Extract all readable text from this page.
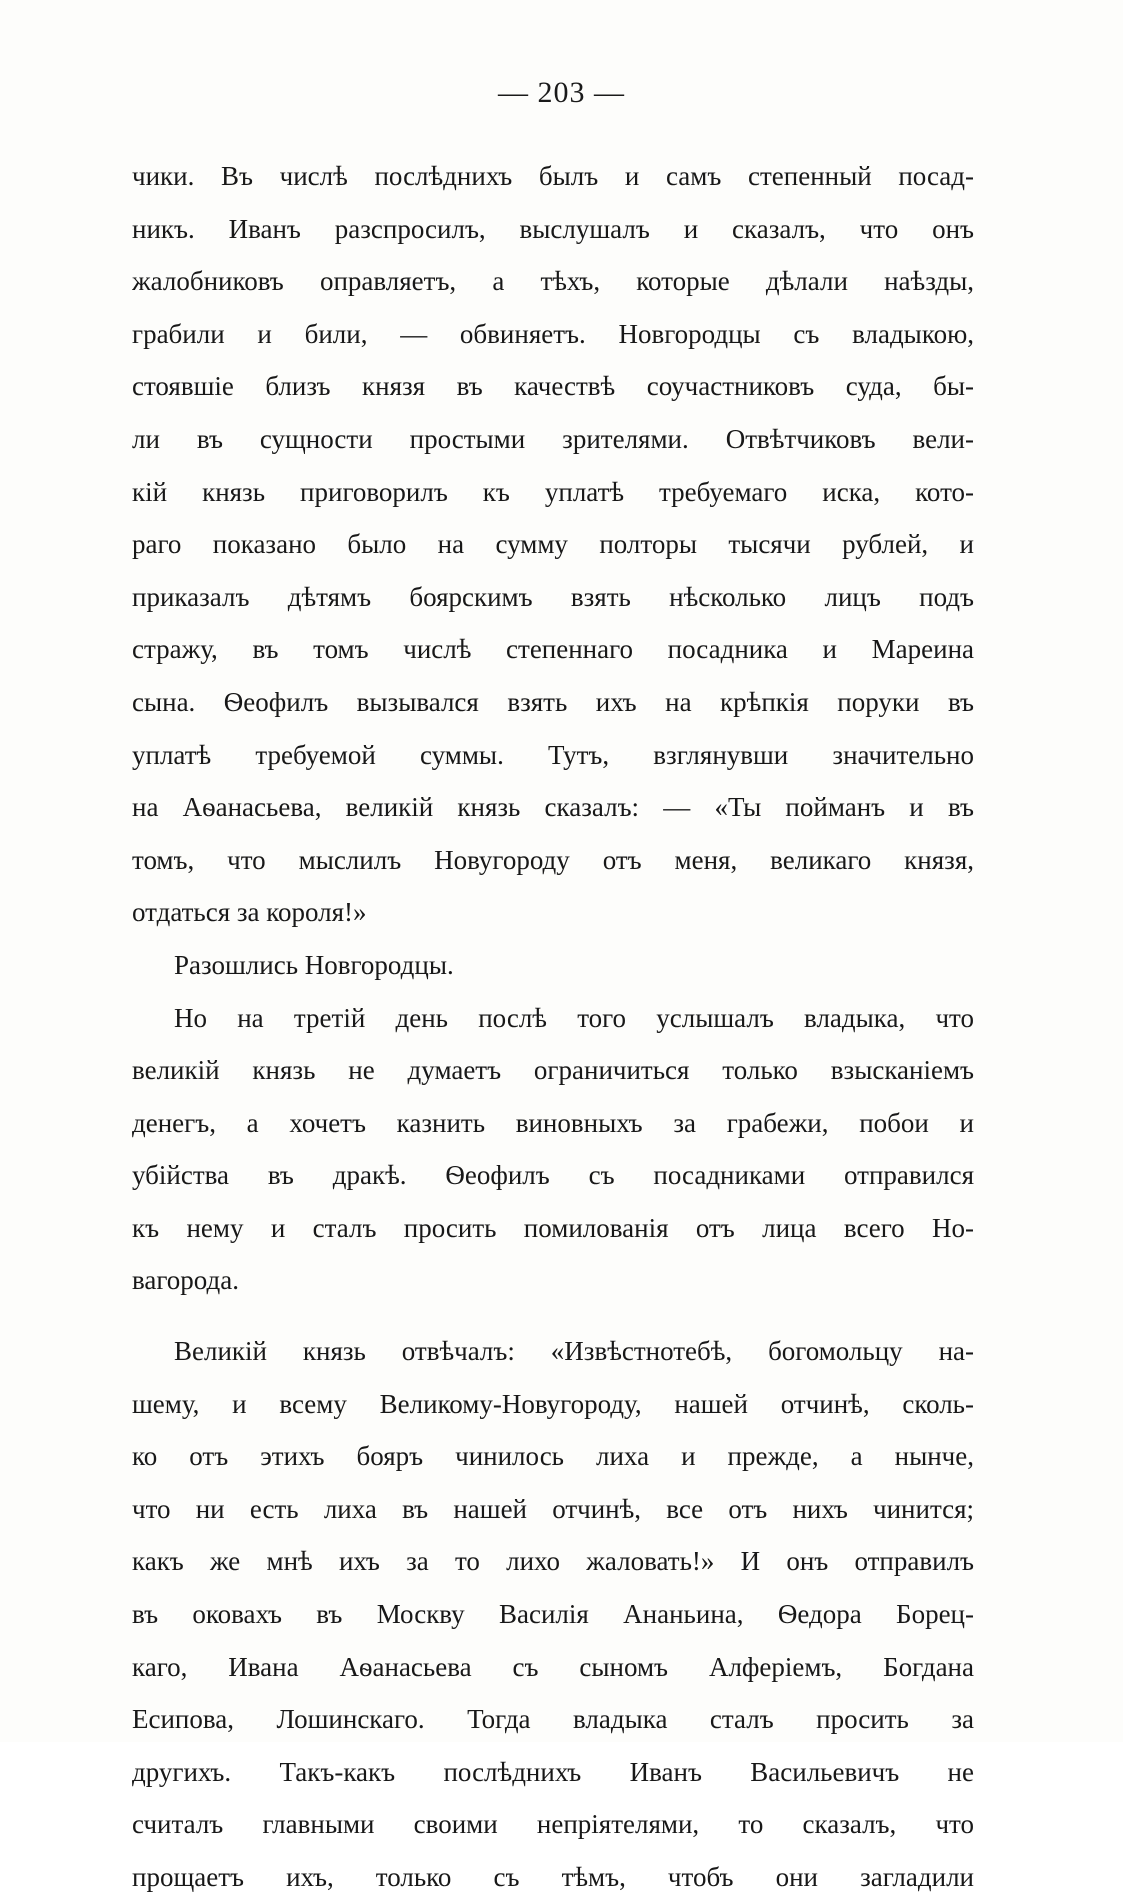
— 203 —
чики. Въ числѣ послѣднихъ былъ и самъ степенный посад-
никъ. Иванъ разспросилъ, выслушалъ и сказалъ, что онъ
жалобниковъ оправляетъ, а тѣхъ, которые дѣлали наѣзды,
грабили и били, — обвиняетъ. Новгородцы съ владыкою,
стоявшіе близъ князя въ качествѣ соучастниковъ суда, бы-
ли въ сущности простыми зрителями. Отвѣтчиковъ вели-
кій князь приговорилъ къ уплатѣ требуемаго иска, кото-
раго показано было на сумму полторы тысячи рублей, и
приказалъ дѣтямъ боярскимъ взять нѣсколько лицъ подъ
стражу, въ томъ числѣ степеннаго посадника и Мареина
сына. Ѳеофилъ вызывался взять ихъ на крѣпкія поруки въ
уплатѣ требуемой суммы. Тутъ, взглянувши значительно
на Аѳанасьева, великій князь сказалъ: — «Ты пойманъ и въ
томъ, что мыслилъ Новугороду отъ меня, великаго князя,
отдаться за короля!»
Разошлись Новгородцы.
Но на третій день послѣ того услышалъ владыка, что
великій князь не думаетъ ограничиться только взысканіемъ
денегъ, а хочетъ казнить виновныхъ за грабежи, побои и
убійства въ дракѣ. Ѳеофилъ съ посадниками отправился
къ нему и сталъ просить помилованія отъ лица всего Но-
вагорода.
Великій князь отвѣчалъ: «Извѣстнотебѣ, богомольцу на-
шему, и всему Великому-Новугороду, нашей отчинѣ, сколь-
ко отъ этихъ бояръ чинилось лиха и прежде, а нынче,
что ни есть лиха въ нашей отчинѣ, все отъ нихъ чинится;
какъ же мнѣ ихъ за то лихо жаловать!» И онъ отправилъ
въ оковахъ въ Москву Василія Ананьина, Ѳедора Борец-
каго, Ивана Аѳанасьева съ сыномъ Алферіемъ, Богдана
Есипова, Лошинскаго. Тогда владыка сталъ просить за
другихъ. Такъ-какъ послѣднихъ Иванъ Васильевичъ не
считалъ главными своими непріятелями, то сказалъ, что
прощаетъ ихъ, только съ тѣмъ, чтобъ они загладили
